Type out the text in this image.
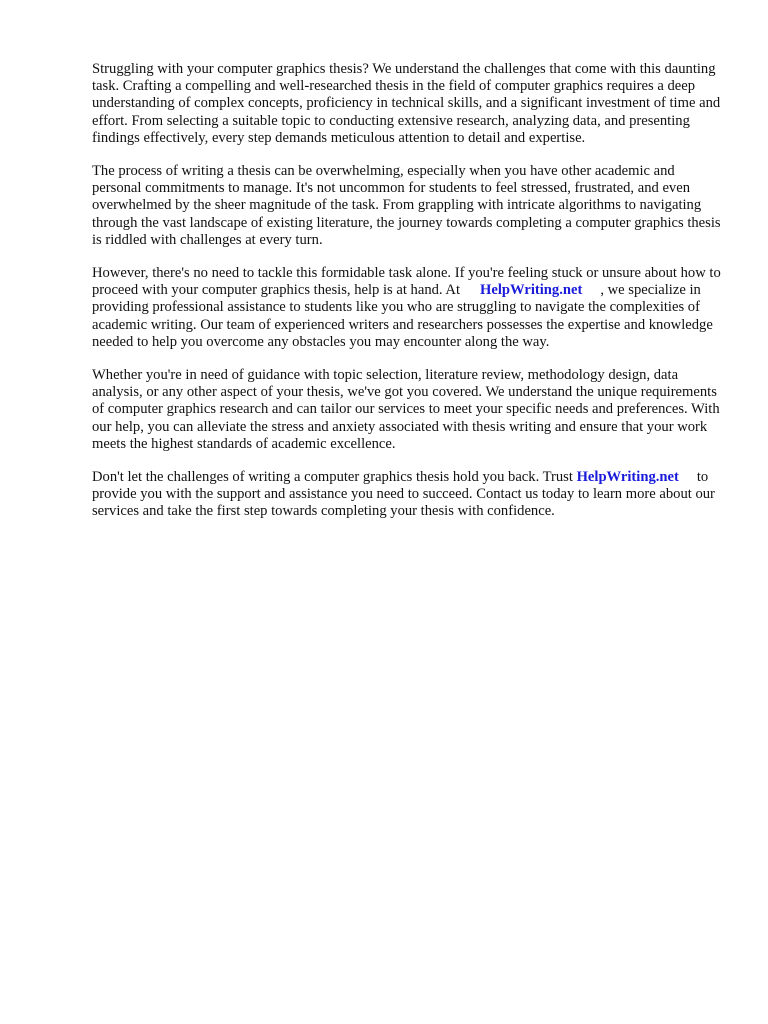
Struggling with your computer graphics thesis? We understand the challenges that come with this daunting task. Crafting a compelling and well-researched thesis in the field of computer graphics requires a deep understanding of complex concepts, proficiency in technical skills, and a significant investment of time and effort. From selecting a suitable topic to conducting extensive research, analyzing data, and presenting findings effectively, every step demands meticulous attention to detail and expertise.

The process of writing a thesis can be overwhelming, especially when you have other academic and personal commitments to manage. It's not uncommon for students to feel stressed, frustrated, and even overwhelmed by the sheer magnitude of the task. From grappling with intricate algorithms to navigating through the vast landscape of existing literature, the journey towards completing a computer graphics thesis is riddled with challenges at every turn.

However, there's no need to tackle this formidable task alone. If you're feeling stuck or unsure about how to proceed with your computer graphics thesis, help is at hand. At HelpWriting.net , we specialize in providing professional assistance to students like you who are struggling to navigate the complexities of academic writing. Our team of experienced writers and researchers possesses the expertise and knowledge needed to help you overcome any obstacles you may encounter along the way.

Whether you're in need of guidance with topic selection, literature review, methodology design, data analysis, or any other aspect of your thesis, we've got you covered. We understand the unique requirements of computer graphics research and can tailor our services to meet your specific needs and preferences. With our help, you can alleviate the stress and anxiety associated with thesis writing and ensure that your work meets the highest standards of academic excellence.

Don't let the challenges of writing a computer graphics thesis hold you back. Trust HelpWriting.net to provide you with the support and assistance you need to succeed. Contact us today to learn more about our services and take the first step towards completing your thesis with confidence.
